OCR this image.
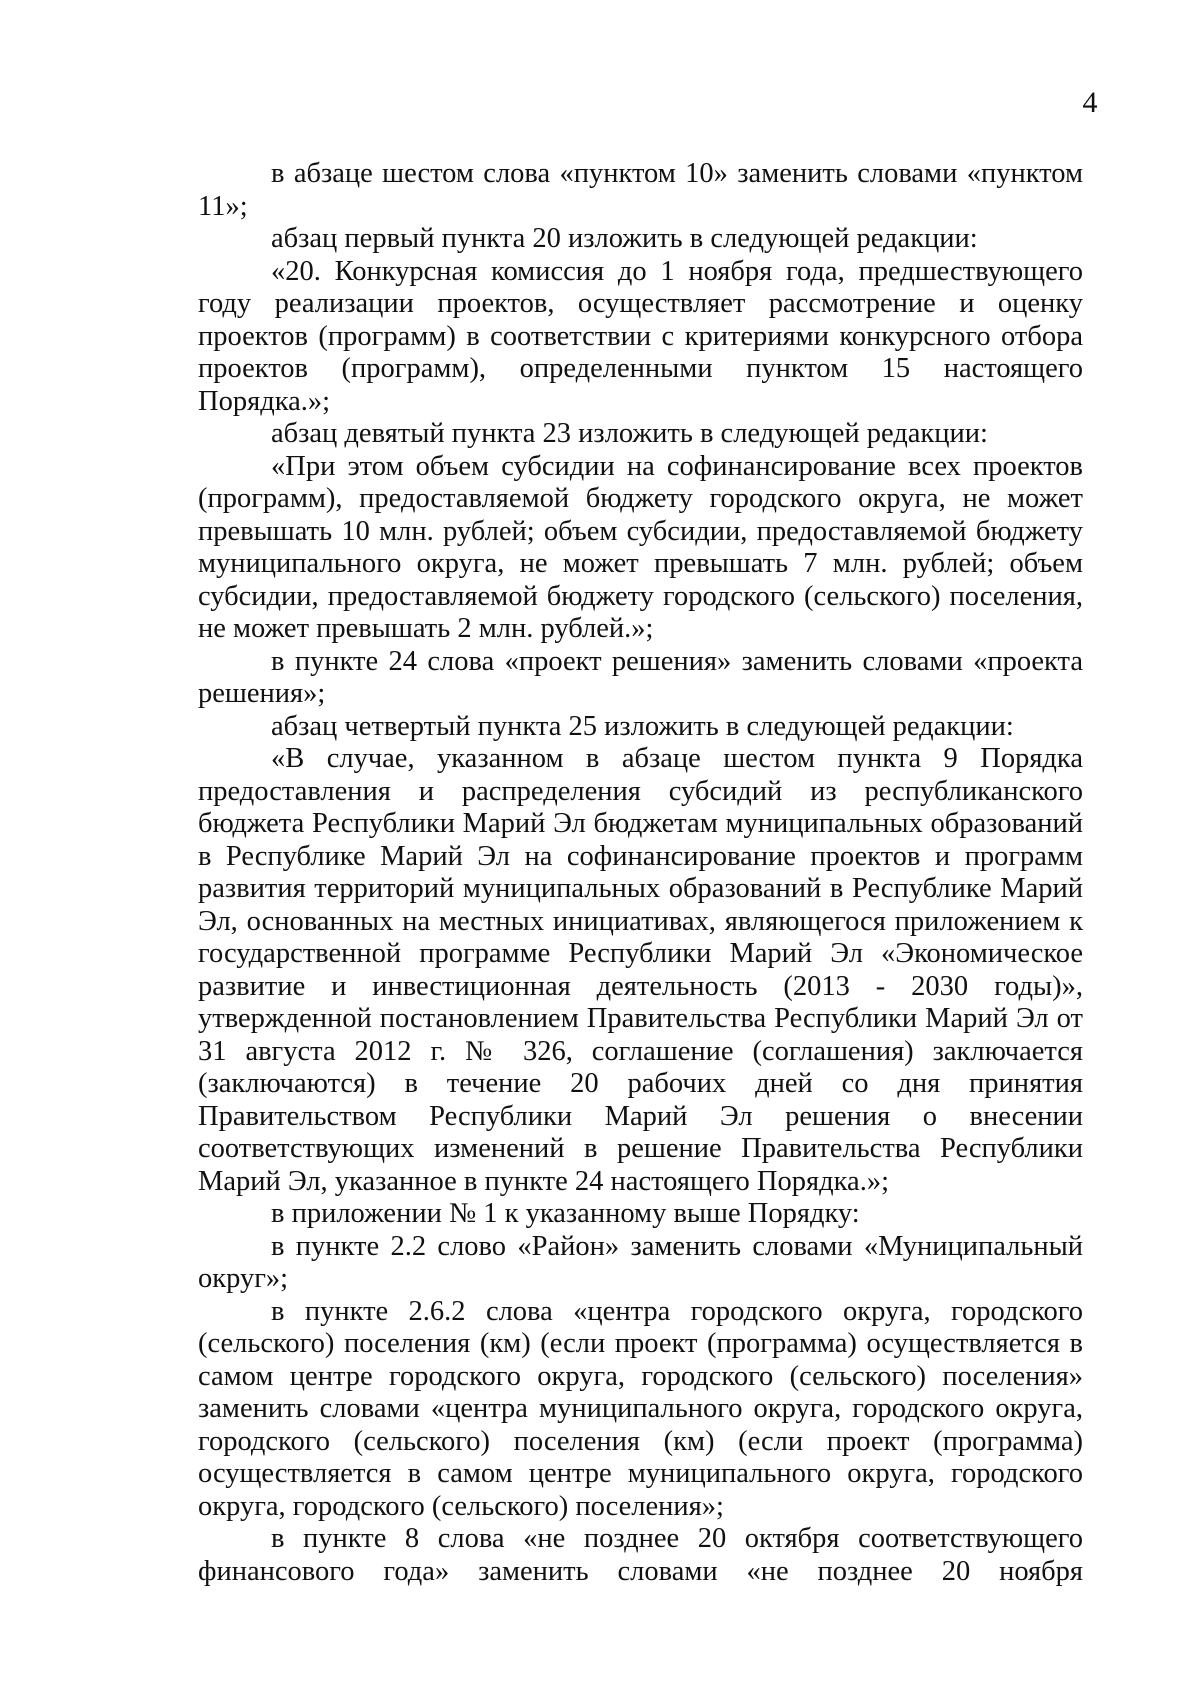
4

в абзаце шестом слова «пунктом 10» заменить словами «пунктом 11»;

абзац первый пункта 20 изложить в следующей редакции:

«20. Конкурсная комиссия до 1 ноября года, предшествующего году реализации проектов, осуществляет рассмотрение и оценку проектов (программ) в соответствии с критериями конкурсного отбора проектов (программ), определенными пунктом 15 настоящего Порядка.»;

абзац девятый пункта 23 изложить в следующей редакции:

«При этом объем субсидии на софинансирование всех проектов (программ), предоставляемой бюджету городского округа, не может превышать 10 млн. рублей; объем субсидии, предоставляемой бюджету муниципального округа, не может превышать 7 млн. рублей; объем субсидии, предоставляемой бюджету городского (сельского) поселения, не может превышать 2 млн. рублей.»;

в пункте 24 слова «проект решения» заменить словами «проекта решения»;

абзац четвертый пункта 25 изложить в следующей редакции:

«В случае, указанном в абзаце шестом пункта 9 Порядка предоставления и распределения субсидий из республиканского бюджета Республики Марий Эл бюджетам муниципальных образований в Республике Марий Эл на софинансирование проектов и программ развития территорий муниципальных образований в Республике Марий Эл, основанных на местных инициативах, являющегося приложением к государственной программе Республики Марий Эл «Экономическое развитие и инвестиционная деятельность (2013 - 2030 годы)», утвержденной постановлением Правительства Республики Марий Эл от 31 августа 2012 г. № 326, соглашение (соглашения) заключается (заключаются) в течение 20 рабочих дней со дня принятия Правительством Республики Марий Эл решения о внесении соответствующих изменений в решение Правительства Республики Марий Эл, указанное в пункте 24 настоящего Порядка.»;

в приложении № 1 к указанному выше Порядку:

в пункте 2.2 слово «Район» заменить словами «Муниципальный округ»;

в пункте 2.6.2 слова «центра городского округа, городского (сельского) поселения (км) (если проект (программа) осуществляется в самом центре городского округа, городского (сельского) поселения» заменить словами «центра муниципального округа, городского округа, городского (сельского) поселения (км) (если проект (программа) осуществляется в самом центре муниципального округа, городского округа, городского (сельского) поселения»;

в пункте 8 слова «не позднее 20 октября соответствующего финансового года» заменить словами «не позднее 20 ноября
